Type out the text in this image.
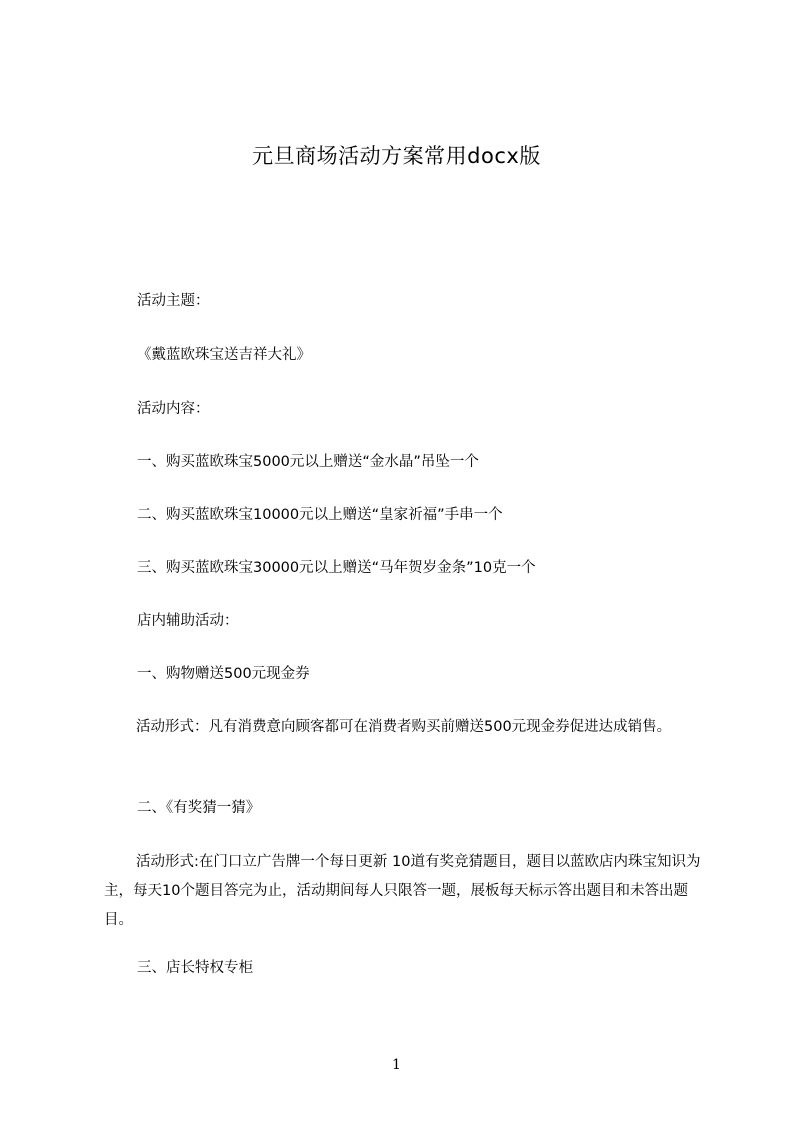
元旦商场活动方案常用docx版
活动主题：
《戴蓝欧珠宝送吉祥大礼》
活动内容：
一、购买蓝欧珠宝5000元以上赠送“金水晶”吊坠一个
二、购买蓝欧珠宝10000元以上赠送“皇家祈福”手串一个
三、购买蓝欧珠宝30000元以上赠送“马年贺岁金条”10克一个
店内辅助活动：
一、购物赠送500元现金券
活动形式：凡有消费意向顾客都可在消费者购买前赠送500元现金券促进达成销售。
二、《有奖猜一猜》
活动形式:在门口立广告牌一个每日更新 10道有奖竞猜题目，题目以蓝欧店内珠宝知识为主，每天10个题目答完为止，活动期间每人只限答一题，展板每天标示答出题目和未答出题目。
三、店长特权专柜
1
